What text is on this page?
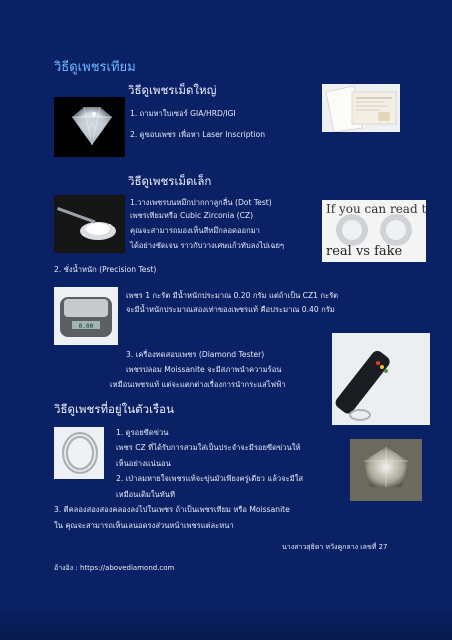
วิธีดูเพชรเทียม
วิธีดูเพชรเม็ดใหญ่
1. ถามหาใบเซอร์ GIA/HRD/IGI
2. ดูขอบเพชร เพื่อหา Laser Inscription
วิธีดูเพชรเม็ดเล็ก
1.วางเพชรบนหมึกปากกาลูกลื่น (Dot Test)
เพชรเทียมหรือ Cubic Zirconia (CZ)
คุณจะสามารถมองเห็นสีหมึกลอดออกมา
ได้อย่างชัดเจน ราวกับวางเศษแก้วทับลงไปเฉยๆ
If you can read t
real vs fake
2. ชั่งน้ำหนัก (Precision Test)
0.00
เพชร 1 กะรัต มีน้ำหนักประมาณ 0.20 กรัม แต่ถ้าเป็น CZ1 กะรัต
จะมีน้ำหนักประมาณสองเท่าของเพชรแท้ คือประมาณ 0.40 กรัม
3. เครื่องทดสอบเพชร (Diamond Tester)
เพชรปลอม Moissanite จะมีสภาพนำความร้อน
เหมือนเพชรแท้ แต่จะแตกต่างเรื่องการนำกระแสไฟฟ้า
วิธีดูเพชรที่อยู่ในตัวเรือน
1. ดูรอยขีดข่วน
เพชร CZ ที่ได้รับการสวมใส่เป็นประจำจะมีรอยขีดข่วนให้
เห็นอย่างแน่นอน
2. เป่าลมหายใจเพชรแท้จะขุ่นมัวเพียงครู่เดียว แล้วจะมีใส
เหมือนเดิมในทันที
3. ตีคลองสองสองคลองลงไปในเพชร ถ้าเป็นเพชรเทียม หรือ Moissanite
ใน คุณจะสามารถเห็นเลนอดรงส่วนหน้าเพชรแต่ละหนา
นางสาวสุธิดา หวังคูกลาง เลขที่ 27
อ้างอิง : https://abovediamond.com
